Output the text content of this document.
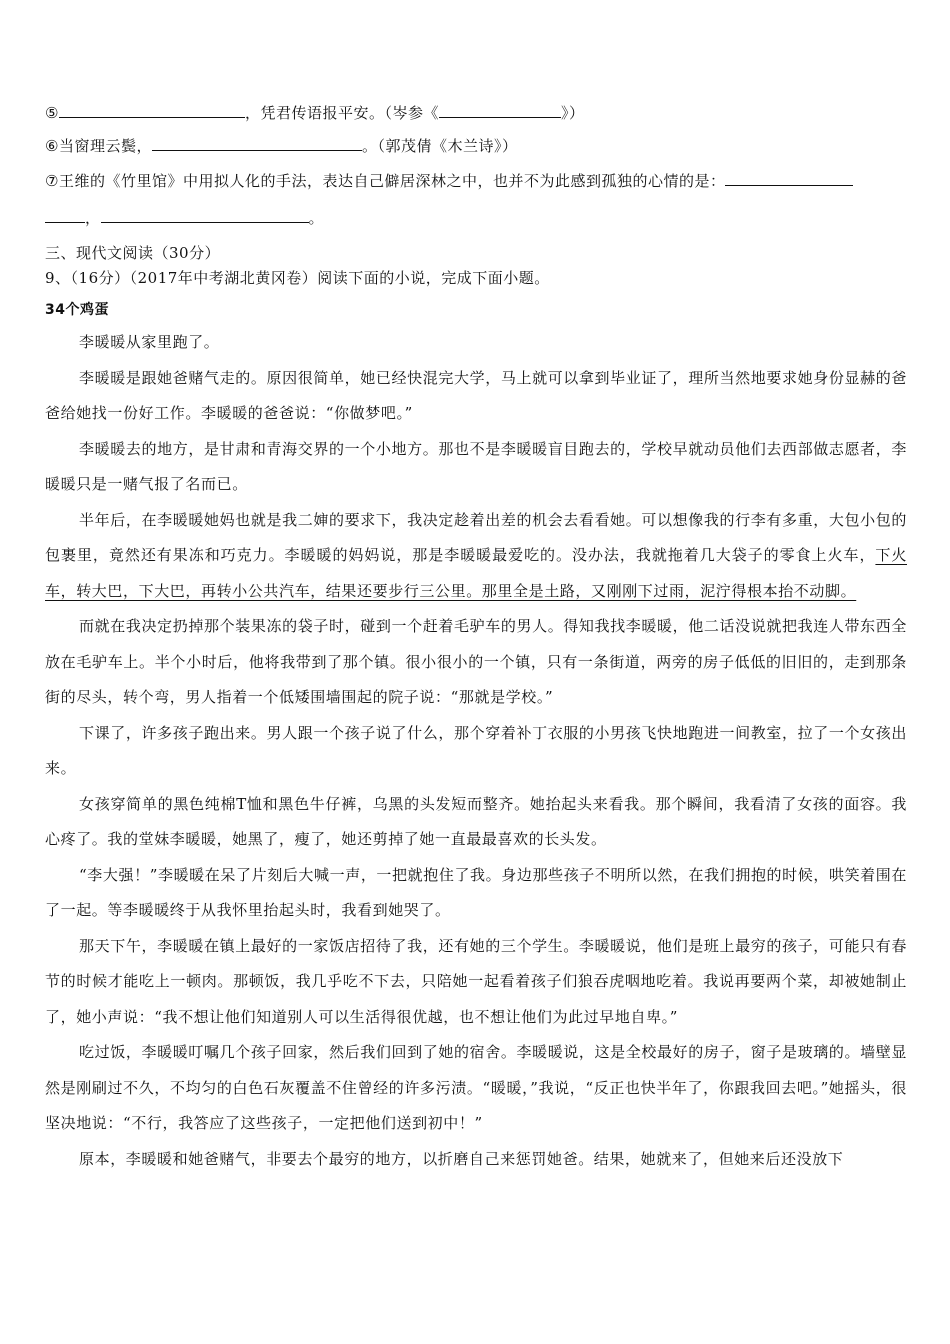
⑤	，凭君传语报平安。（岑参《	》）
⑥当窗理云鬓，	。（郭茂倩《木兰诗》）
⑦王维的《竹里馆》中用拟人化的手法，表达自己僻居深林之中，也并不为此感到孤独的心情的是：
，	。
三、现代文阅读（30分）
9、（16分）（2017年中考湖北黄冈卷）阅读下面的小说，完成下面小题。
34个鸡蛋

李暖暖从家里跑了。

李暖暖是跟她爸赌气走的。原因很简单，她已经快混完大学，马上就可以拿到毕业证了，理所当然地要求她身份显赫的爸爸给她找一份好工作。李暖暖的爸爸说：“你做梦吧。”

李暖暖去的地方，是甘肃和青海交界的一个小地方。那也不是李暖暖盲目跑去的，学校早就动员他们去西部做志愿者，李暖暖只是一赌气报了名而已。

半年后，在李暖暖她妈也就是我二婶的要求下，我决定趁着出差的机会去看看她。可以想像我的行李有多重，大包小包的包裹里，竟然还有果冻和巧克力。李暖暖的妈妈说，那是李暖暖最爱吃的。没办法，我就拖着几大袋子的零食上火车，下火车，转大巴，下大巴，再转小公共汽车，结果还要步行三公里。那里全是土路，又刚刚下过雨，泥泞得根本抬不动脚。

而就在我决定扔掉那个装果冻的袋子时，碰到一个赶着毛驴车的男人。得知我找李暖暖，他二话没说就把我连人带东西全放在毛驴车上。半个小时后，他将我带到了那个镇。很小很小的一个镇，只有一条街道，两旁的房子低低的旧旧的，走到那条街的尽头，转个弯，男人指着一个低矮围墙围起的院子说：“那就是学校。”

下课了，许多孩子跑出来。男人跟一个孩子说了什么，那个穿着补丁衣服的小男孩飞快地跑进一间教室，拉了一个女孩出来。

女孩穿简单的黑色纯棉T恤和黑色牛仔裤，乌黑的头发短而整齐。她抬起头来看我。那个瞬间，我看清了女孩的面容。我心疼了。我的堂妹李暖暖，她黑了，瘦了，她还剪掉了她一直最最喜欢的长头发。

“李大强！”李暖暖在呆了片刻后大喊一声，一把就抱住了我。身边那些孩子不明所以然，在我们拥抱的时候，哄笑着围在了一起。等李暖暖终于从我怀里抬起头时，我看到她哭了。

那天下午，李暖暖在镇上最好的一家饭店招待了我，还有她的三个学生。李暖暖说，他们是班上最穷的孩子，可能只有春节的时候才能吃上一顿肉。那顿饭，我几乎吃不下去，只陪她一起看着孩子们狼吞虎咽地吃着。我说再要两个菜，却被她制止了，她小声说：“我不想让他们知道别人可以生活得很优越，也不想让他们为此过早地自卑。”

吃过饭，李暖暖叮嘱几个孩子回家，然后我们回到了她的宿舍。李暖暖说，这是全校最好的房子，窗子是玻璃的。墙壁显然是刚刷过不久，不均匀的白色石灰覆盖不住曾经的许多污渍。“暖暖，”我说，“反正也快半年了，你跟我回去吧。”她摇头，很坚决地说：“不行，我答应了这些孩子，一定把他们送到初中！”

原本，李暖暖和她爸赌气，非要去个最穷的地方，以折磨自己来惩罚她爸。结果，她就来了，但她来后还没放下
